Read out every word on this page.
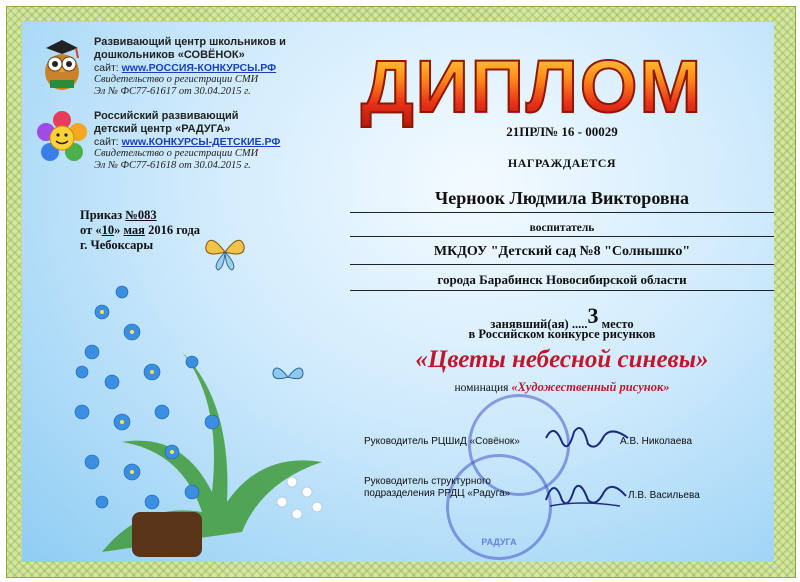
Развивающий центр школьников и
дошкольников «СОВЁНОК»
сайт: www.РОССИЯ-КОНКУРСЫ.РФ
Свидетельство о регистрации СМИ
Эл № ФС77-61617 от 30.04.2015 г.
Российский развивающий
детский центр «РАДУГА»
сайт: www.КОНКУРСЫ-ДЕТСКИЕ.РФ
Свидетельство о регистрации СМИ
Эл № ФС77-61618 от 30.04.2015 г.
Приказ №083
от «10» мая 2016 года
г. Чебоксары
ДИПЛОМ
21ПРЛ№ 16 - 00029
НАГРАЖДАЕТСЯ
Черноок Людмила Викторовна
воспитатель
МКДОУ "Детский сад №8 "Солнышко"
города Барабинск Новосибирской области
занявший(ая) .....3 место
в Российском конкурсе рисунков
«Цветы небесной синевы»
номинация «Художественный рисунок»
РАДУГА
Руководитель РЦШиД «Совёнок»	А.В. Николаева
Руководитель структурного
подразделения РРДЦ «Радуга»	Л.В. Васильева
